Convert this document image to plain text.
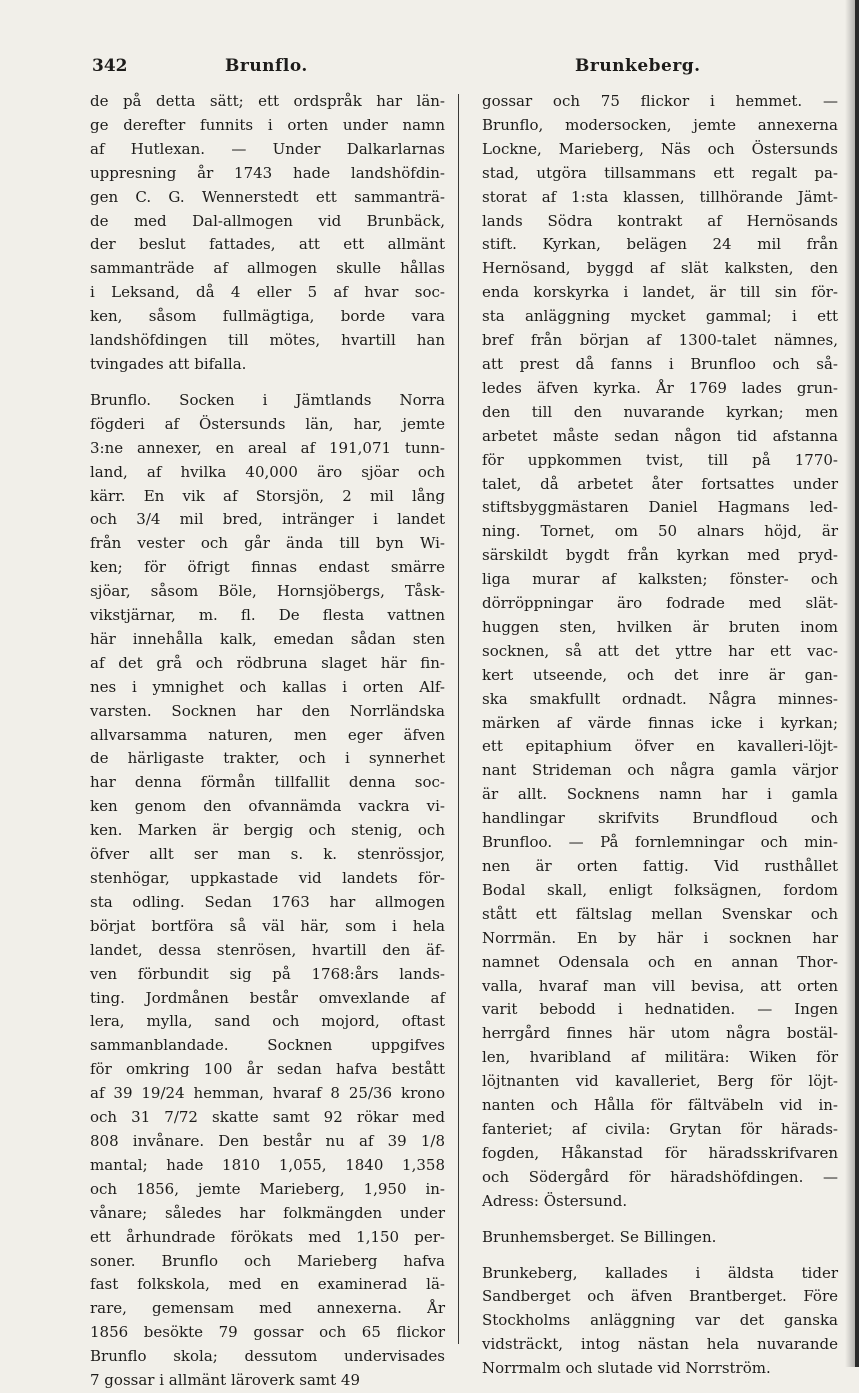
342	Brunflo.	Brunkeberg.
de på detta sätt; ett ordspråk har län-
ge derefter funnits i orten under namn
af Hutlexan. — Under Dalkarlarnas
uppresning år 1743 hade landshöfdin-
gen C. G. Wennerstedt ett sammanträ-
de med Dal-allmogen vid Brunbäck,
der beslut fattades, att ett allmänt
sammanträde af allmogen skulle hållas
i Leksand, då 4 eller 5 af hvar soc-
ken, såsom fullmägtiga, borde vara
landshöfdingen till mötes, hvartill han
tvingades att bifalla.
Brunflo. Socken i Jämtlands Norra
fögderi af Östersunds län, har, jemte
3:ne annexer, en areal af 191,071 tunn-
land, af hvilka 40,000 äro sjöar och
kärr. En vik af Storsjön, 2 mil lång
och 3/4 mil bred, intränger i landet
från vester och går ända till byn Wi-
ken; för öfrigt finnas endast smärre
sjöar, såsom Böle, Hornsjöbergs, Tåsk-
vikstjärnar, m. fl. De flesta vattnen
här innehålla kalk, emedan sådan sten
af det grå och rödbruna slaget här fin-
nes i ymnighet och kallas i orten Alf-
varsten. Socknen har den Norrländska
allvarsamma naturen, men eger äfven
de härligaste trakter, och i synnerhet
har denna förmån tillfallit denna soc-
ken genom den ofvannämda vackra vi-
ken. Marken är bergig och stenig, och
öfver allt ser man s. k. stenrössjor,
stenhögar, uppkastade vid landets för-
sta odling. Sedan 1763 har allmogen
börjat bortföra så väl här, som i hela
landet, dessa stenrösen, hvartill den äf-
ven förbundit sig på 1768:års lands-
ting. Jordmånen består omvexlande af
lera, mylla, sand och mojord, oftast
sammanblandade. Socknen uppgifves
för omkring 100 år sedan hafva bestått
af 39 19/24 hemman, hvaraf 8 25/36 krono
och 31 7/72 skatte samt 92 rökar med
808 invånare. Den består nu af 39 1/8
mantal; hade 1810 1,055, 1840 1,358
och 1856, jemte Marieberg, 1,950 in-
vånare; således har folkmängden under
ett århundrade förökats med 1,150 per-
soner. Brunflo och Marieberg hafva
fast folkskola, med en examinerad lä-
rare, gemensam med annexerna. År
1856 besökte 79 gossar och 65 flickor
Brunflo skola; dessutom undervisades
7 gossar i allmänt läroverk samt 49
gossar och 75 flickor i hemmet. —
Brunflo, modersocken, jemte annexerna
Lockne, Marieberg, Näs och Östersunds
stad, utgöra tillsammans ett regalt pa-
storat af 1:sta klassen, tillhörande Jämt-
lands Södra kontrakt af Hernösands
stift. Kyrkan, belägen 24 mil från
Hernösand, byggd af slät kalksten, den
enda korskyrka i landet, är till sin för-
sta anläggning mycket gammal; i ett
bref från början af 1300-talet nämnes,
att prest då fanns i Brunfloo och så-
ledes äfven kyrka. År 1769 lades grun-
den till den nuvarande kyrkan; men
arbetet måste sedan någon tid afstanna
för uppkommen tvist, till på 1770-
talet, då arbetet åter fortsattes under
stiftsbyggmästaren Daniel Hagmans led-
ning. Tornet, om 50 alnars höjd, är
särskildt bygdt från kyrkan med pryd-
liga murar af kalksten; fönster- och
dörröppningar äro fodrade med slät-
huggen sten, hvilken är bruten inom
socknen, så att det yttre har ett vac-
kert utseende, och det inre är gan-
ska smakfullt ordnadt. Några minnes-
märken af värde finnas icke i kyrkan;
ett epitaphium öfver en kavalleri-löjt-
nant Strideman och några gamla värjor
är allt. Socknens namn har i gamla
handlingar skrifvits Brundfloud och
Brunfloo. — På fornlemningar och min-
nen är orten fattig. Vid rusthållet
Bodal skall, enligt folksägnen, fordom
stått ett fältslag mellan Svenskar och
Norrmän. En by här i socknen har
namnet Odensala och en annan Thor-
valla, hvaraf man vill bevisa, att orten
varit bebodd i hednatiden. — Ingen
herrgård finnes här utom några bostäl-
len, hvaribland af militära: Wiken för
löjtnanten vid kavalleriet, Berg för löjt-
nanten och Hålla för fältväbeln vid in-
fanteriet; af civila: Grytan för härads-
fogden, Håkanstad för häradsskrifvaren
och Södergård för häradshöfdingen. —
Adress: Östersund.
Brunhemsberget. Se Billingen.
Brunkeberg, kallades i äldsta tider
Sandberget och äfven Brantberget. Före
Stockholms anläggning var det ganska
vidsträckt, intog nästan hela nuvarande
Norrmalm och slutade vid Norrström.
